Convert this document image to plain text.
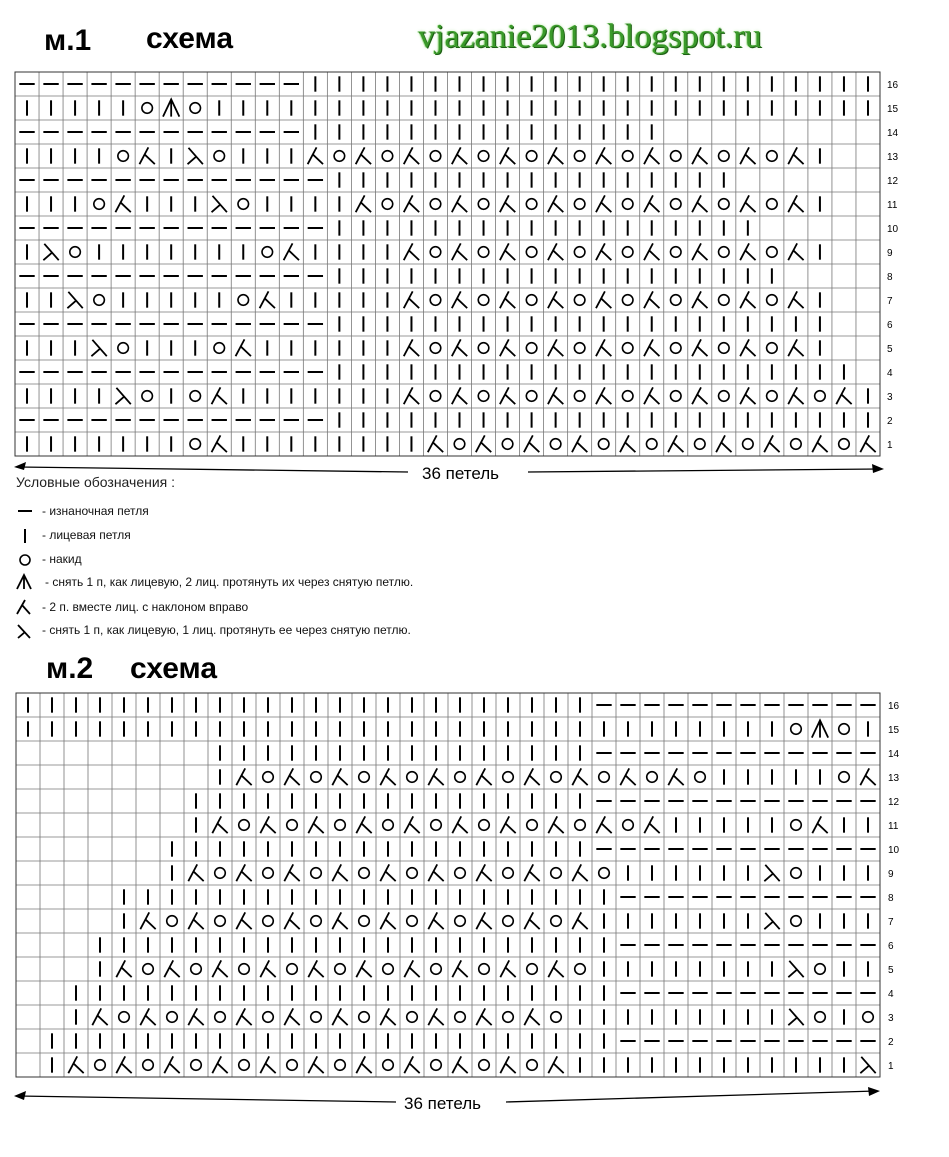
м.1 схема	vjazanie2013.blogspot.ru
16
15
14
13
12
11
10
9
8
7
6
5
4
3
2
1
36 петель
Условные обозначения :
- изнаночная петля
- лицевая петля
- накид
- снять 1 п, как лицевую, 2 лиц. протянуть их через снятую петлю.
- 2 п. вместе лиц. с наклоном вправо
- снять 1 п, как лицевую, 1 лиц. протянуть ее через снятую петлю.
м.2 схема
16
15
14
13
12
11
10
9
8
7
6
5
4
3
2
1
36 петель
